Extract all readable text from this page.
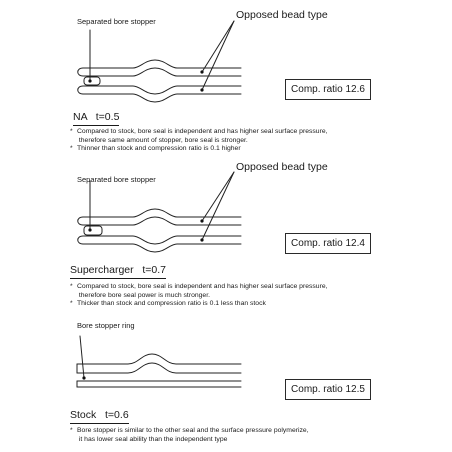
Separated bore stopper
Opposed bead type
Comp. ratio 12.6
NA   t=0.5
* Compared to stock, bore seal is independent and has higher seal surface pressure,
therefore same amount of stopper, bore seal is stronger.
* Thinner than stock and compression ratio is 0.1 higher
Separated bore stopper
Opposed bead type
Comp. ratio 12.4
Supercharger   t=0.7
* Compared to stock, bore seal is independent and has higher seal surface pressure,
therefore bore seal power is much stronger.
* Thicker than stock and compression ratio is 0.1 less than stock
Bore stopper ring
Comp. ratio 12.5
Stock   t=0.6
* Bore stopper is similar to the other seal and the surface pressure polymerize,
it has lower seal ability than the independent type
